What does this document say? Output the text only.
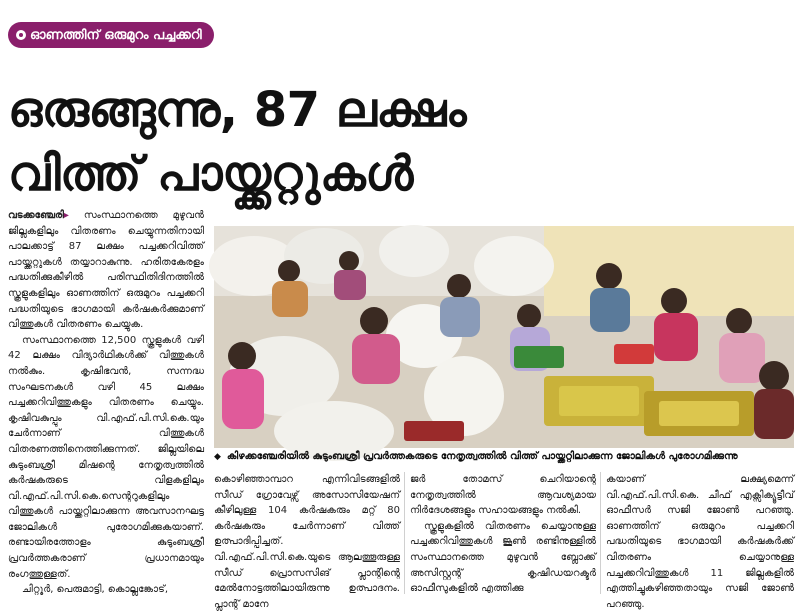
ഓണത്തിന് ഒരുമുറം പച്ചക്കറി
ഒരുങ്ങുന്നു, 87 ലക്ഷം
വിത്ത് പായ്ക്കറ്റുകൾ

വടക്കഞ്ചേരി▸ സംസ്ഥാനത്തെ മുഴുവൻ ജില്ലകളിലും വിതരണം ചെയ്യുന്നതിനായി പാലക്കാട്ട് 87 ലക്ഷം പച്ചക്കറിവിത്ത് പായ്ക്കറ്റുകൾ തയ്യാറാകുന്നു. ഹരിതകേരളം പദ്ധതിക്കുകീഴിൽ പരിസ്ഥിതിദിനത്തിൽ സ്കൂളുകളിലും ഓണത്തിന് ഒരുമുറം പച്ചക്കറി പദ്ധതിയുടെ ഭാഗമായി കർഷകർക്കുമാണ് വിത്തുകൾ വിതരണം ചെയ്യുക.

സംസ്ഥാനത്തെ 12,500 സ്കൂളുകൾ വഴി 42 ലക്ഷം വിദ്യാർഥികൾക്ക് വിത്തുകൾ നൽകും. കൃഷിഭവൻ, സന്നദ്ധ സംഘടനകൾ വഴി 45 ലക്ഷം പച്ചക്കറിവിത്തുകളും വിതരണം ചെയ്യും. കൃഷിവകുപ്പും വി.എഫ്.പി.സി.കെ.യും ചേർന്നാണ് വിത്തുകൾ വിതരണത്തിനെത്തിക്കുന്നത്. ജില്ലയിലെ കുടുംബശ്രീ മിഷന്റെ നേതൃത്വത്തിൽ കർഷകരുടെ വിളകളിലും വി.എഫ്.പി.സി.കെ.സെന്ററുകളിലും വിത്തുകൾ പായ്ക്കറ്റിലാക്കുന്ന അവസാനഘട്ട ജോലികൾ പുരോഗമിക്കുകയാണ്. രണ്ടായിരത്തോളം കുടുംബശ്രീ പ്രവർത്തകരാണ് പ്രധാനമായും രംഗത്തുള്ളത്.

ചിറ്റൂർ, പെരുമാട്ടി, കൊല്ലങ്കോട്,

◆ കിഴക്കഞ്ചേരിയിൽ കുടുംബശ്രീ പ്രവർത്തകരുടെ നേതൃത്വത്തിൽ വിത്ത് പായ്ക്കറ്റിലാക്കുന്ന ജോലികൾ പുരോഗമിക്കുന്നു

കൊഴിഞ്ഞാമ്പാറ എന്നിവിടങ്ങളിൽ സീഡ് ഗ്രോവേഴ്സ് അസോസിയേഷന് കീഴിലുള്ള 104 കർഷകരും മറ്റ് 80 കർഷകരും ചേർന്നാണ് വിത്ത് ഉത്പാദിപ്പിച്ചത്. വി.എഫ്.പി.സി.കെ.യുടെ ആലത്തൂരുള്ള സീഡ് പ്രൊസസിങ് പ്ലാന്റിന്റെ മേൽനോട്ടത്തിലായിരുന്നു ഉത്പാദനം. പ്ലാന്റ് മാനേ

ജർ തോമസ് ചെറിയാന്റെ നേതൃത്വത്തിൽ ആവശ്യമായ നിർദേശങ്ങളും സഹായങ്ങളും നൽകി.

സ്കൂളുകളിൽ വിതരണം ചെയ്യാനുള്ള പച്ചക്കറിവിത്തുകൾ ജൂൺ രണ്ടിനുള്ളിൽ സംസ്ഥാനത്തെ മുഴുവൻ ബ്ലോക്ക് അസിസ്റ്റന്റ് കൃഷിഡയറക്ടർ ഓഫീസുകളിൽ എത്തിക്കു

കയാണ് ലക്ഷ്യമെന്ന് വി.എഫ്.പി.സി.കെ. ചീഫ് എക്സിക്യൂട്ടീവ് ഓഫീസർ സജി ജോൺ പറഞ്ഞു. ഓണത്തിന് ഒരുമുറം പച്ചക്കറി പദ്ധതിയുടെ ഭാഗമായി കർഷകർക്ക് വിതരണം ചെയ്യാനുള്ള പച്ചക്കറിവിത്തുകൾ 11 ജില്ലകളിൽ എത്തിച്ചുകഴിഞ്ഞതായും സജി ജോൺ പറഞ്ഞു.
